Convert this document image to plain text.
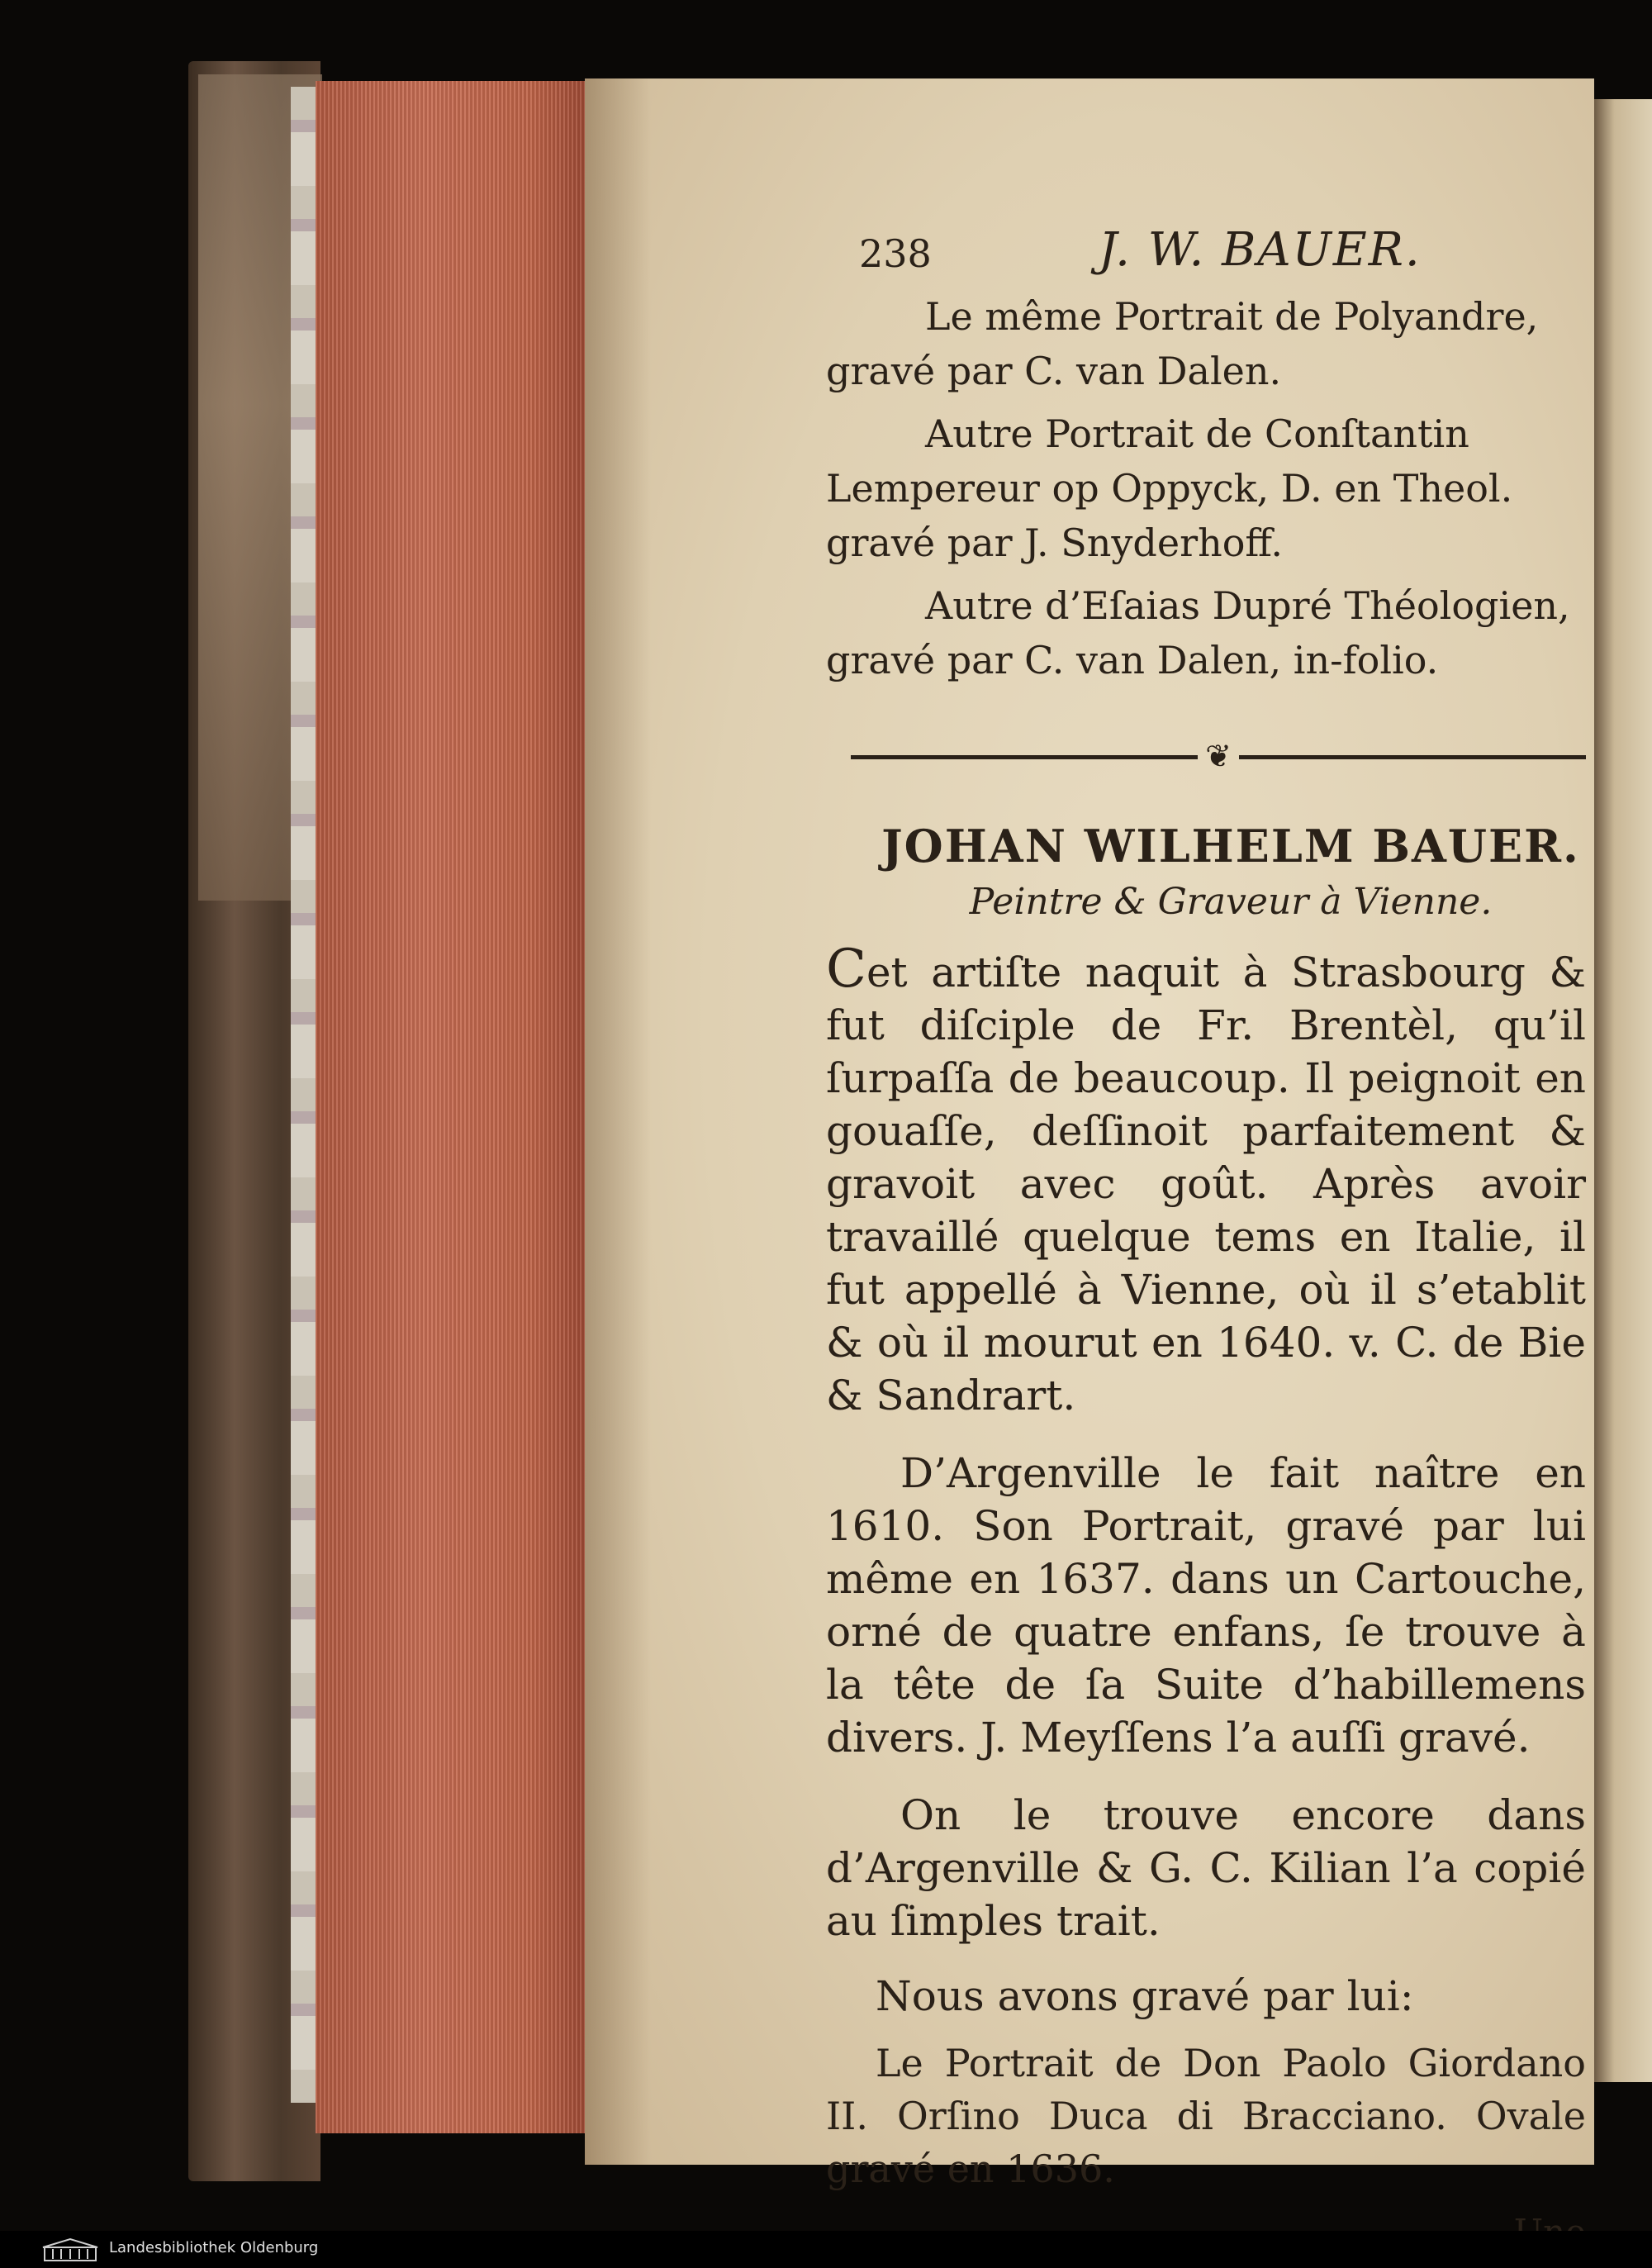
238	J. W. BAUER.

Le même Portrait de Polyandre, gravé par C. van Dalen.

Autre Portrait de Conſtantin Lempereur op Oppyck, D. en Theol. gravé par J. Snyderhoff.

Autre d’Eſaias Dupré Théologien, gravé par C. van Dalen, in-folio.

❦
JOHAN WILHELM BAUER.
Peintre & Graveur à Vienne.

Cet artiſte naquit à Strasbourg & fut diſciple de Fr. Brentèl, qu’il ſurpaſſa de beaucoup. Il peignoit en gouaſſe, deſſinoit parfaitement & gravoit avec goût. Après avoir travaillé quelque tems en Italie, il fut appellé à Vienne, où il s’etablit & où il mourut en 1640. v. C. de Bie & Sandrart.

D’Argenville le fait naître en 1610. Son Portrait, gravé par lui même en 1637. dans un Cartouche, orné de quatre enfans, ſe trouve à la tête de ſa Suite d’habillemens divers. J. Meyſſens l’a auſſi gravé.

On le trouve encore dans d’Argenville & G. C. Kilian l’a copié au ſimples trait.

Nous avons gravé par lui:

Le Portrait de Don Paolo Giordano II. Orſino Duca di Bracciano. Ovale gravé en 1636.

Landesbibliothek Oldenburg
